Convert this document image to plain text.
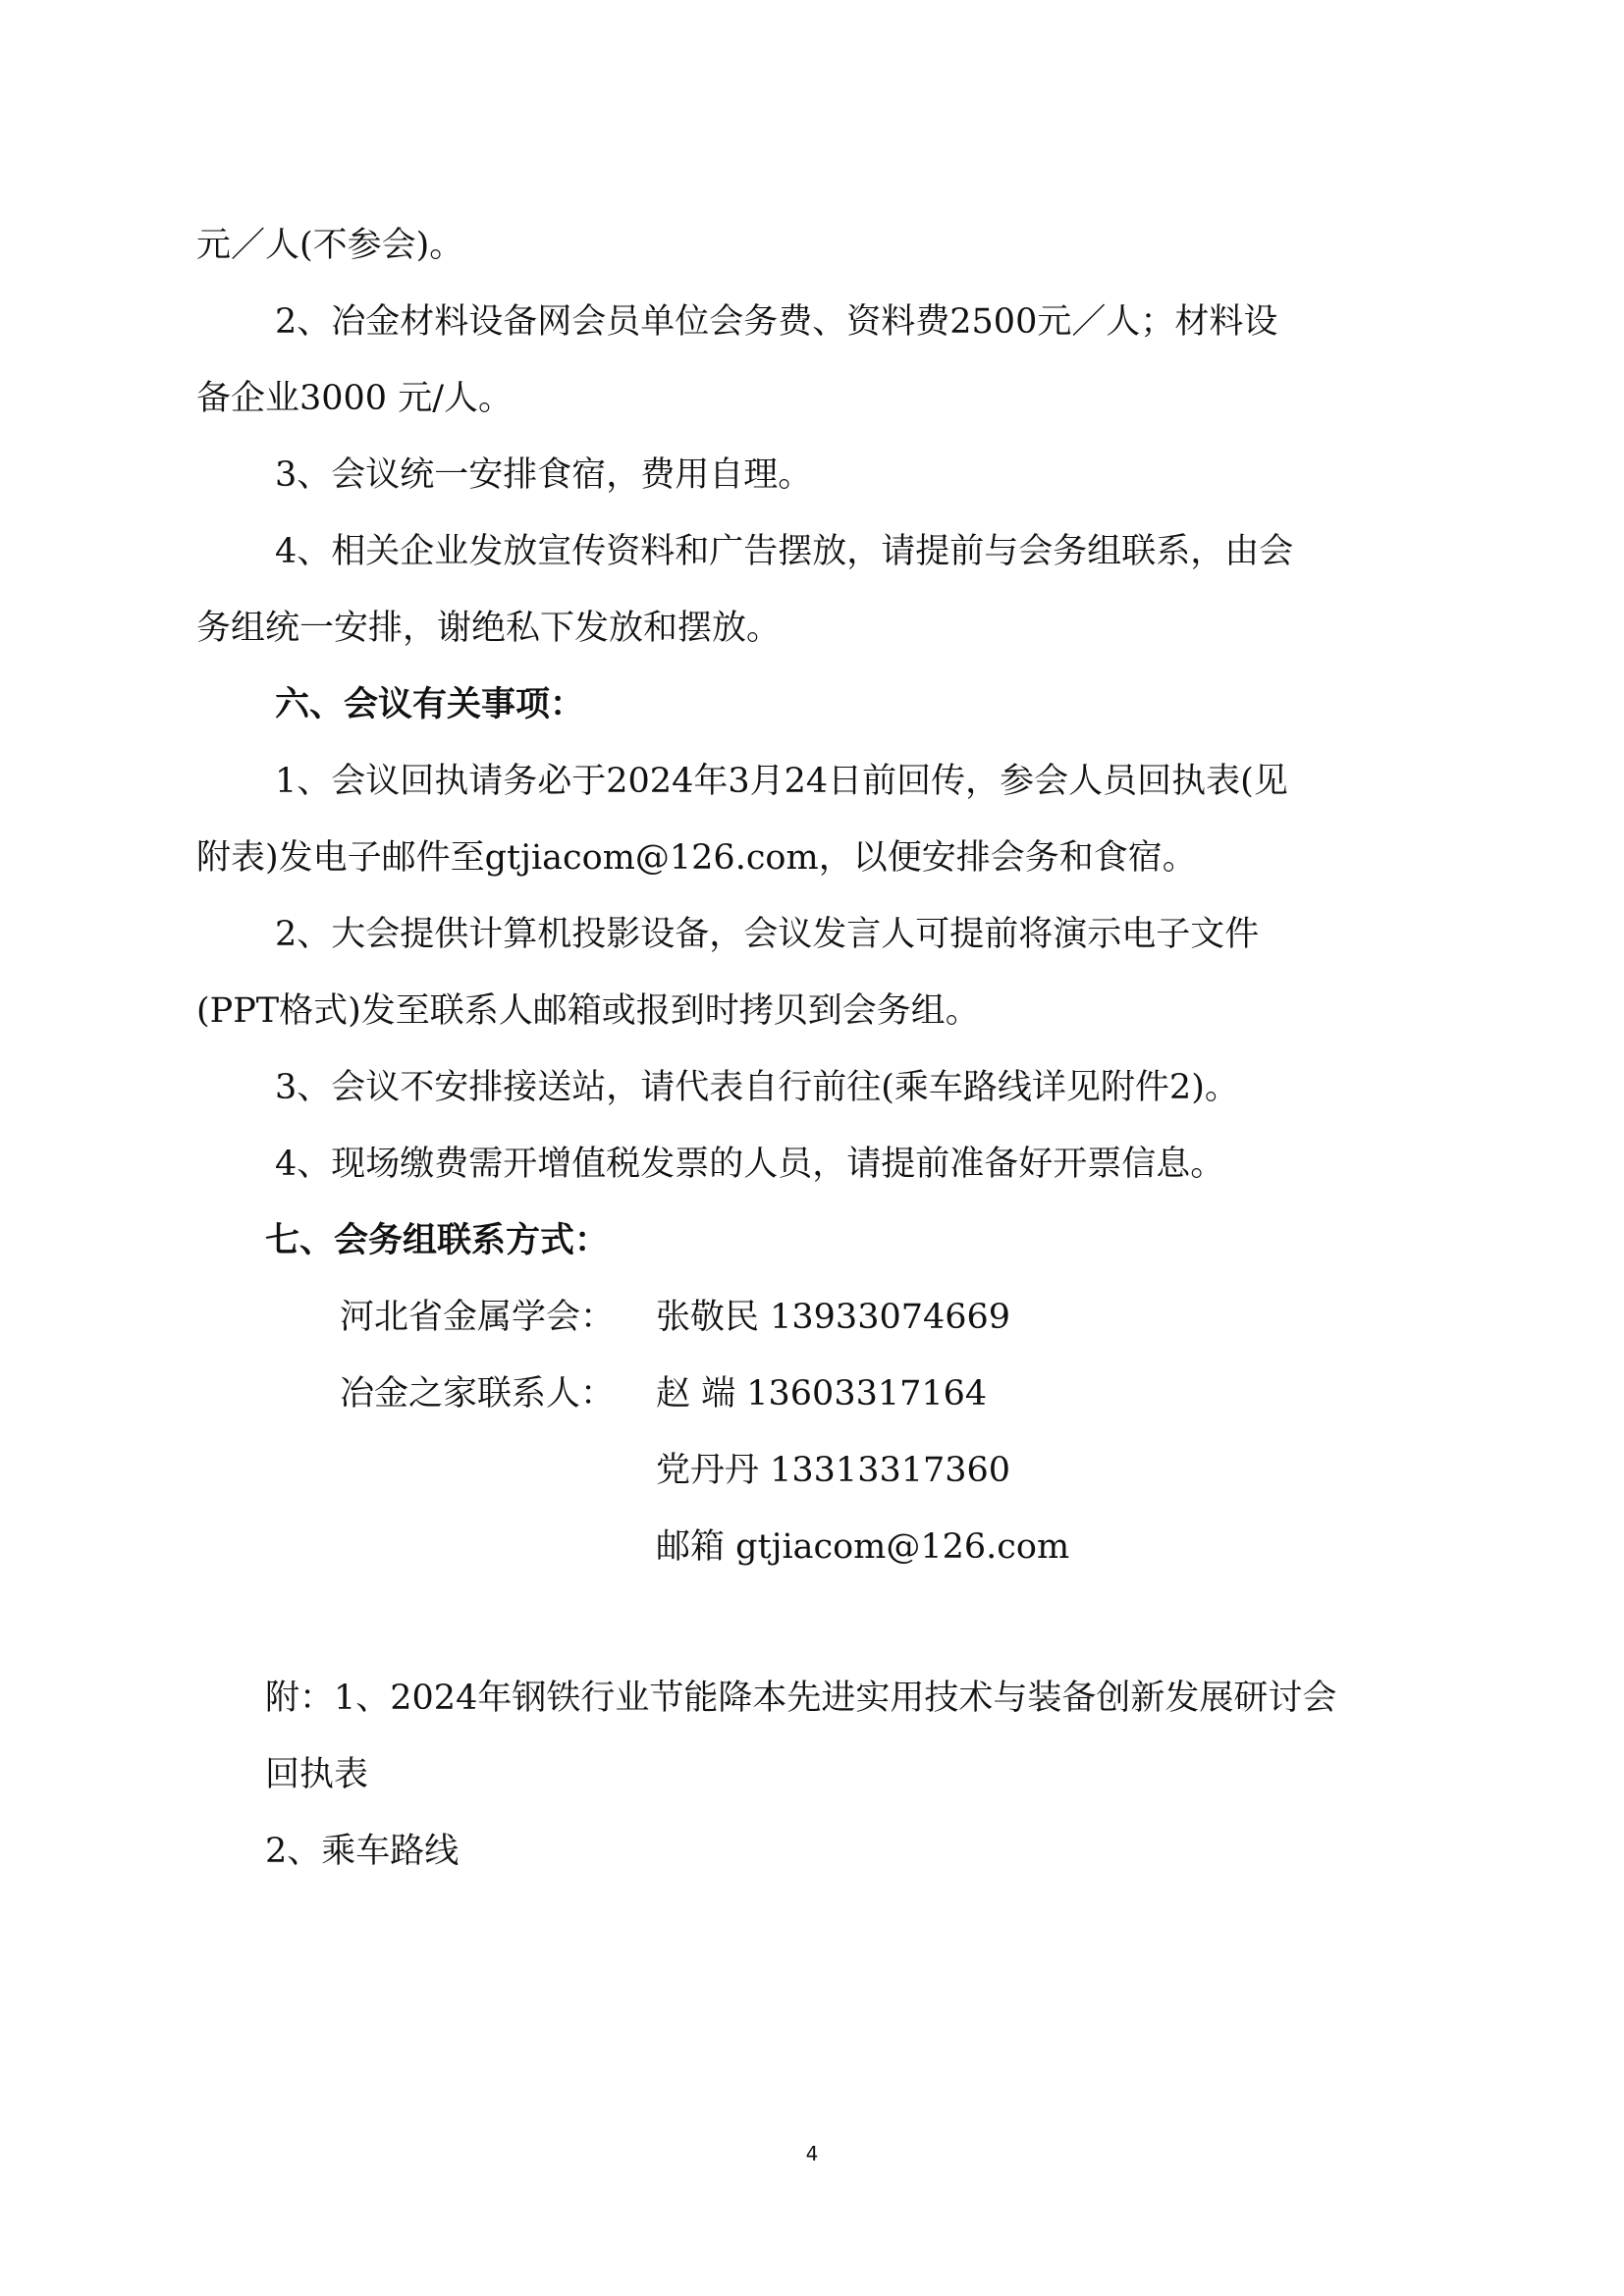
元／人(不参会)。
2、冶金材料设备网会员单位会务费、资料费2500元／人；材料设
备企业3000 元/人。
3、会议统一安排食宿，费用自理。
4、相关企业发放宣传资料和广告摆放，请提前与会务组联系，由会
务组统一安排，谢绝私下发放和摆放。
六、会议有关事项：
1、会议回执请务必于2024年3月24日前回传，参会人员回执表(见
附表)发电子邮件至gtjiacom@126.com，以便安排会务和食宿。
2、大会提供计算机投影设备，会议发言人可提前将演示电子文件
(PPT格式)发至联系人邮箱或报到时拷贝到会务组。
3、会议不安排接送站，请代表自行前往(乘车路线详见附件2)。
4、现场缴费需开增值税发票的人员，请提前准备好开票信息。
七、会务组联系方式：
河北省金属学会： 张敬民 13933074669
冶金之家联系人： 赵 端 13603317164
党丹丹 13313317360
邮箱 gtjiacom@126.com
附：1、2024年钢铁行业节能降本先进实用技术与装备创新发展研讨会
回执表
2、乘车路线
4
